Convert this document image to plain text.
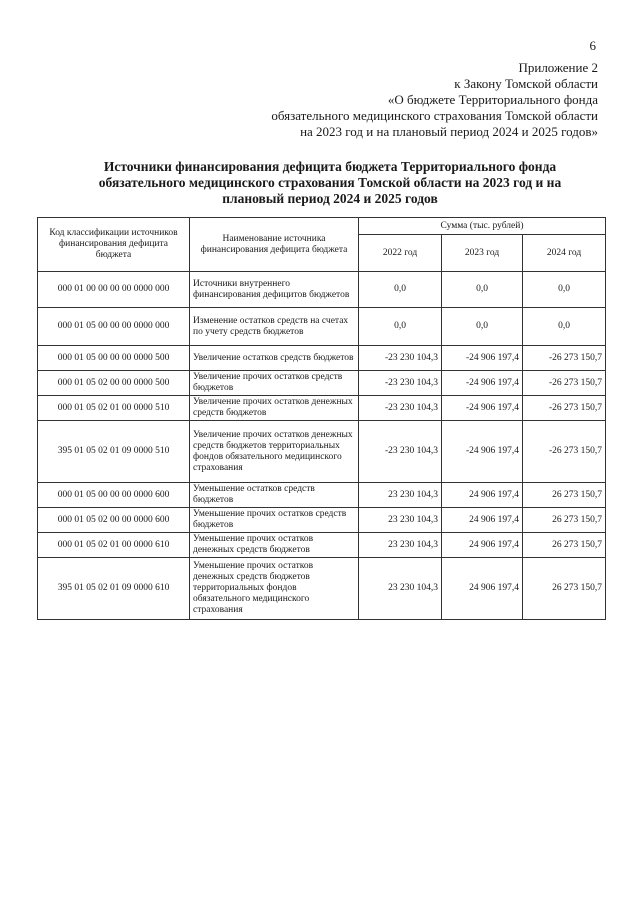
6
Приложение 2
к Закону Томской области
«О бюджете Территориального фонда
обязательного медицинского страхования Томской области
на 2023 год и на плановый период 2024 и 2025 годов»
Источники финансирования дефицита бюджета Территориального фонда
обязательного медицинского страхования Томской области на 2023 год и на
плановый период 2024 и 2025 годов
Код классификации источников финансирования дефицита бюджета	Наименование источника финансирования дефицита бюджета	Сумма (тыс. рублей)		
		2022 год	2023 год	2024 год
000 01 00 00 00 00 0000 000	Источники внутреннего финансирования дефицитов бюджетов	0,0	0,0	0,0
000 01 05 00 00 00 0000 000	Изменение остатков средств на счетах по учету средств бюджетов	0,0	0,0	0,0
000 01 05 00 00 00 0000 500	Увеличение остатков средств бюджетов	-23 230 104,3	-24 906 197,4	-26 273 150,7
000 01 05 02 00 00 0000 500	Увеличение прочих остатков средств бюджетов	-23 230 104,3	-24 906 197,4	-26 273 150,7
000 01 05 02 01 00 0000 510	Увеличение прочих остатков денежных средств бюджетов	-23 230 104,3	-24 906 197,4	-26 273 150,7
395 01 05 02 01 09 0000 510	Увеличение прочих остатков денежных средств бюджетов территориальных фондов обязательного медицинского страхования	-23 230 104,3	-24 906 197,4	-26 273 150,7
000 01 05 00 00 00 0000 600	Уменьшение остатков средств бюджетов	23 230 104,3	24 906 197,4	26 273 150,7
000 01 05 02 00 00 0000 600	Уменьшение прочих остатков средств бюджетов	23 230 104,3	24 906 197,4	26 273 150,7
000 01 05 02 01 00 0000 610	Уменьшение прочих остатков денежных средств бюджетов	23 230 104,3	24 906 197,4	26 273 150,7
395 01 05 02 01 09 0000 610	Уменьшение прочих остатков денежных средств бюджетов территориальных фондов обязательного медицинского страхования	23 230 104,3	24 906 197,4	26 273 150,7
